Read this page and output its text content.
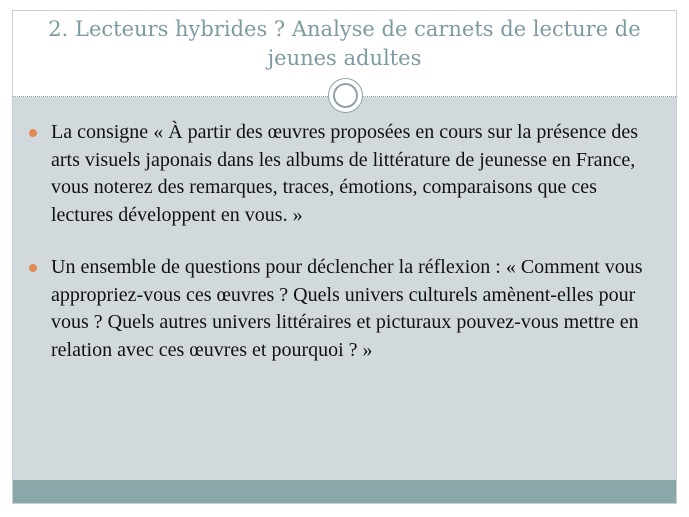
2. Lecteurs hybrides ? Analyse de carnets de lecture de jeunes adultes
La consigne « À partir des œuvres proposées en cours sur la présence des arts visuels japonais dans les albums de littérature de jeunesse en France, vous noterez des remarques, traces, émotions, comparaisons que ces lectures développent en vous. »
Un ensemble de questions pour déclencher la réflexion : « Comment vous appropriez-vous ces œuvres ? Quels univers culturels amènent-elles pour vous ? Quels autres univers littéraires et picturaux pouvez-vous mettre en relation avec ces œuvres et pourquoi ? »
